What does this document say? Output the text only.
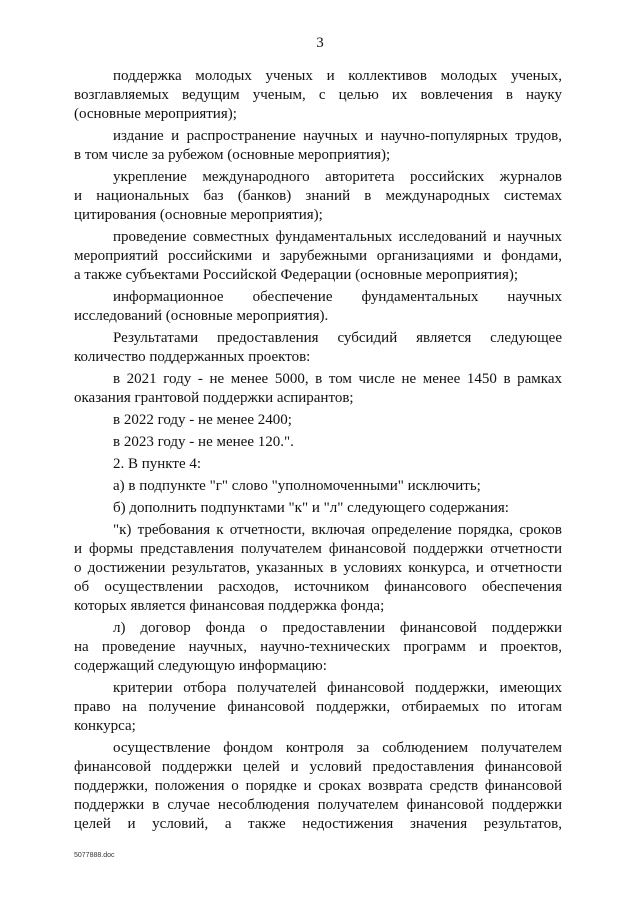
3

поддержка молодых ученых и коллективов молодых ученых,
возглавляемых ведущим ученым, с целью их вовлечения в науку
(основные мероприятия);

издание и распространение научных и научно-популярных трудов,
в том числе за рубежом (основные мероприятия);

укрепление международного авторитета российских журналов
и национальных баз (банков) знаний в международных системах
цитирования (основные мероприятия);

проведение совместных фундаментальных исследований и научных
мероприятий российскими и зарубежными организациями и фондами,
а также субъектами Российской Федерации (основные мероприятия);

информационное обеспечение фундаментальных научных
исследований (основные мероприятия).

Результатами предоставления субсидий является следующее
количество поддержанных проектов:

в 2021 году - не менее 5000, в том числе не менее 1450 в рамках
оказания грантовой поддержки аспирантов;

в 2022 году - не менее 2400;

в 2023 году - не менее 120.".

2. В пункте 4:

а) в подпункте "г" слово "уполномоченными" исключить;

б) дополнить подпунктами "к" и "л" следующего содержания:

"к) требования к отчетности, включая определение порядка, сроков
и формы представления получателем финансовой поддержки отчетности
о достижении результатов, указанных в условиях конкурса, и отчетности
об осуществлении расходов, источником финансового обеспечения
которых является финансовая поддержка фонда;

л) договор фонда о предоставлении финансовой поддержки
на проведение научных, научно-технических программ и проектов,
содержащий следующую информацию:

критерии отбора получателей финансовой поддержки, имеющих
право на получение финансовой поддержки, отбираемых по итогам
конкурса;

осуществление фондом контроля за соблюдением получателем
финансовой поддержки целей и условий предоставления финансовой
поддержки, положения о порядке и сроках возврата средств финансовой
поддержки в случае несоблюдения получателем финансовой поддержки
целей и условий, а также недостижения значения результатов,

5077888.doc
